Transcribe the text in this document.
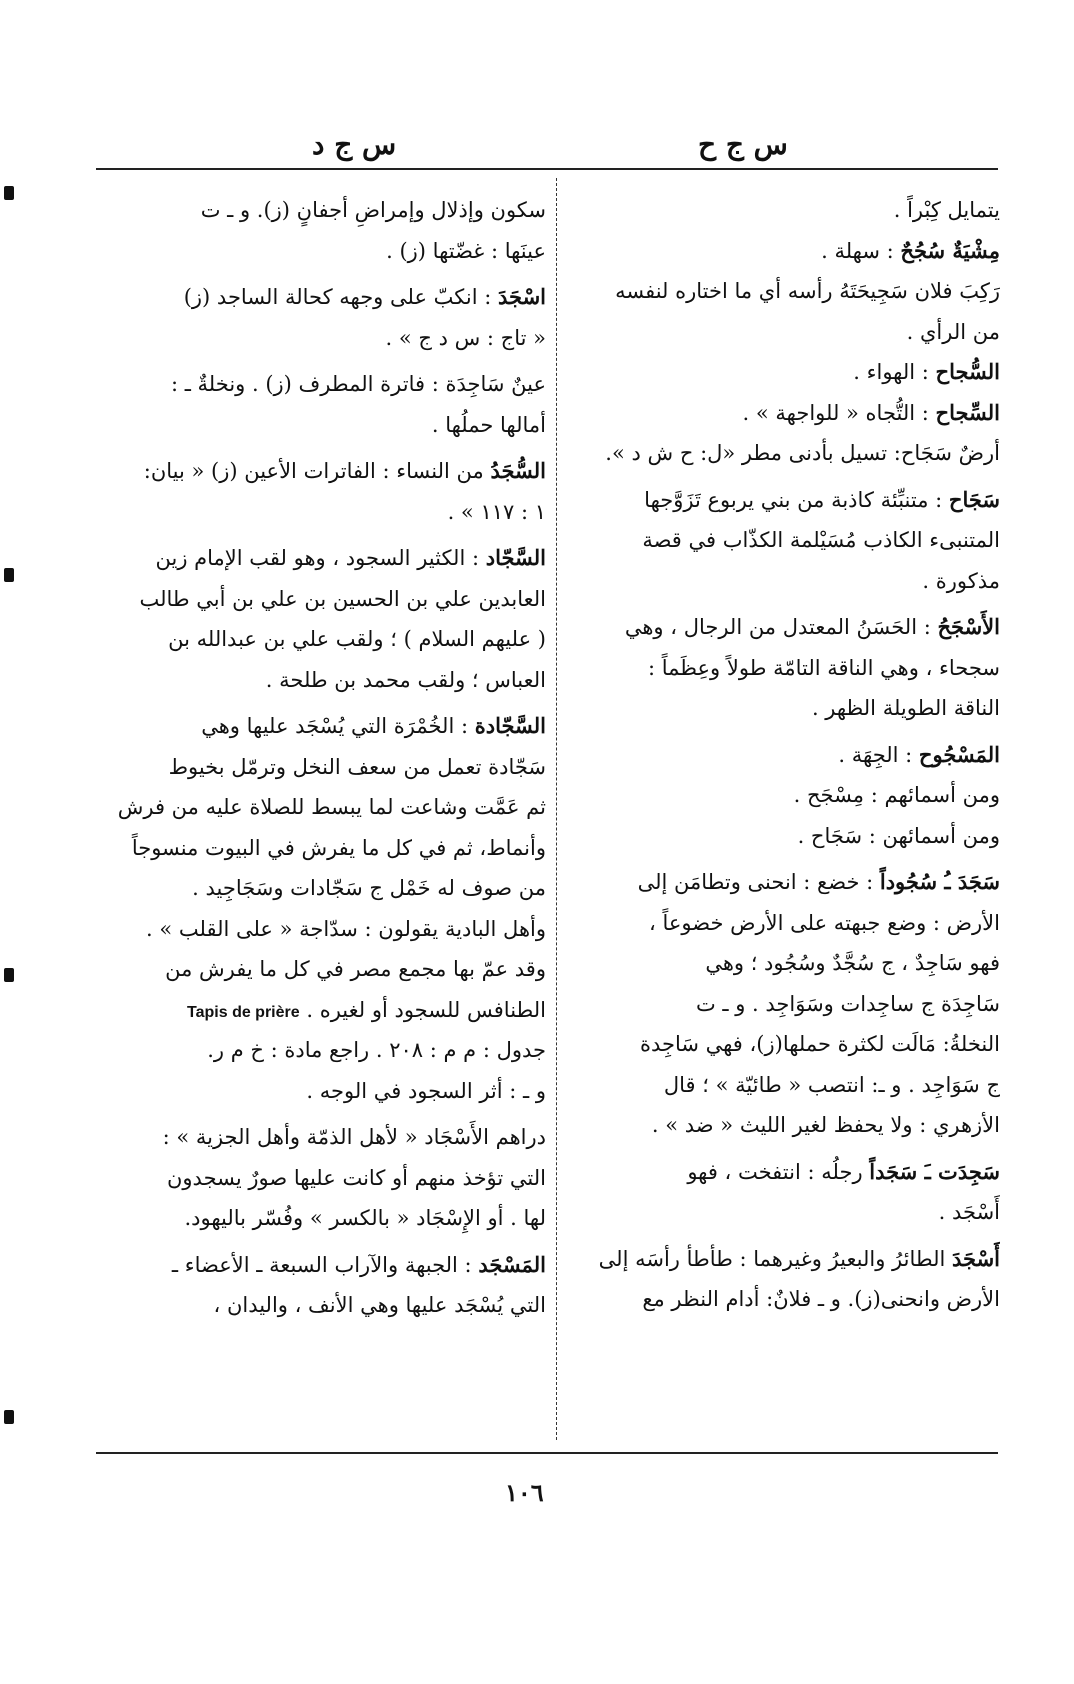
س ج ح
س ج د
يتمايل كِبْراً .
مِشْيَةٌ سُجُحٌ : سهلة .
رَكِبَ فلان سَجِيحَتَهُ رأسه أي ما اختاره لنفسه
من الرأي .
السُّجاح : الهواء .
السِّجاح : التُّجاه « للواجهة » .
أرضٌ سَجَاح: تسيل بأدنى مطر «ل: ح ش د ».
سَجَاح : متنبِّئة كاذبة من بني يربوع تَزَوَّجها
المتنبىء الكاذب مُسَيْلمة الكذّاب في قصة
مذكورة .
الأَسْجَحُ : الحَسَنُ المعتدل من الرجال ، وهي
سجحاء ، وهي الناقة التامّة طولاً وعِظَماً :
الناقة الطويلة الظهر .
المَسْجُوح : الجِهَة .
ومن أسمائهم : مِسْجَح .
ومن أسمائهن : سَجَاح .
سَجَدَ ـُ سُجُوداً : خضع : انحنى وتطامَن إلى
الأرض : وضع جبهته على الأرض خضوعاً ،
فهو سَاجِدٌ ، ج سُجَّدٌ وسُجُود ؛ وهي
سَاجِدَة ج ساجِدات وسَوَاجِد . و ـ ت
النخلةُ: مَالَت لكثرة حملها(ز)، فهي سَاجِدة
ج سَوَاجِد . و ـ: انتصب « طائيّة » ؛ قال
الأزهري : ولا يحفظ لغير الليث « ضد » .
سَجِدَت ـَ سَجَداً رجلُه : انتفخت ، فهو
أَسْجَد .
أَسْجَدَ الطائرُ والبعيرُ وغيرهما : طأطأ رأسَه إلى
الأرض وانحنى(ز). و ـ فلانٌ: أدام النظر مع
سكون وإذلال وإمراضِ أجفانٍ (ز). و ـ ت
عينَها : غضّتها (ز) .
اسْجَدَ : انكبّ على وجهه كحالة الساجد (ز)
« تاج : س د ج » .
عينٌ سَاجِدَة : فاترة المطرف (ز) . ونخلةٌ ـ :
أمالها حملُها .
السُّجَدُ من النساء : الفاترات الأعين (ز) « بيان:
١ : ١١٧ » .
السَّجّاد : الكثير السجود ، وهو لقب الإمام زين
العابدين علي بن الحسين بن علي بن أبي طالب
( عليهم السلام ) ؛ ولقب علي بن عبدالله بن
العباس ؛ ولقب محمد بن طلحة .
السَّجّادة : الخُمْرَة التي يُسْجَد عليها وهي
سَجّادة تعمل من سعف النخل وترمّل بخيوط
ثم عَمَّت وشاعت لما يبسط للصلاة عليه من فرش
وأنماط، ثم في كل ما يفرش في البيوت منسوجاً
من صوف له خَمْل ج سَجّادات وسَجَاجِيد .
وأهل البادية يقولون : سدّاجة « على القلب » .
وقد عمّ بها مجمع مصر في كل ما يفرش من
الطنافس للسجود أو لغيره . Tapis de prière
جدول : م م : ٢٠٨ . راجع مادة : خ م ر.
و ـ : أثر السجود في الوجه .
دراهم الأَسْجَاد « لأهل الذمّة وأهل الجزية » :
التي تؤخذ منهم أو كانت عليها صورٌ يسجدون
لها . أو الإِسْجَاد « بالكسر » وفُسّر باليهود.
المَسْجَد : الجبهة والآراب السبعة ـ الأعضاء ـ
التي يُسْجَد عليها وهي الأنف ، واليدان ،
١٠٦
